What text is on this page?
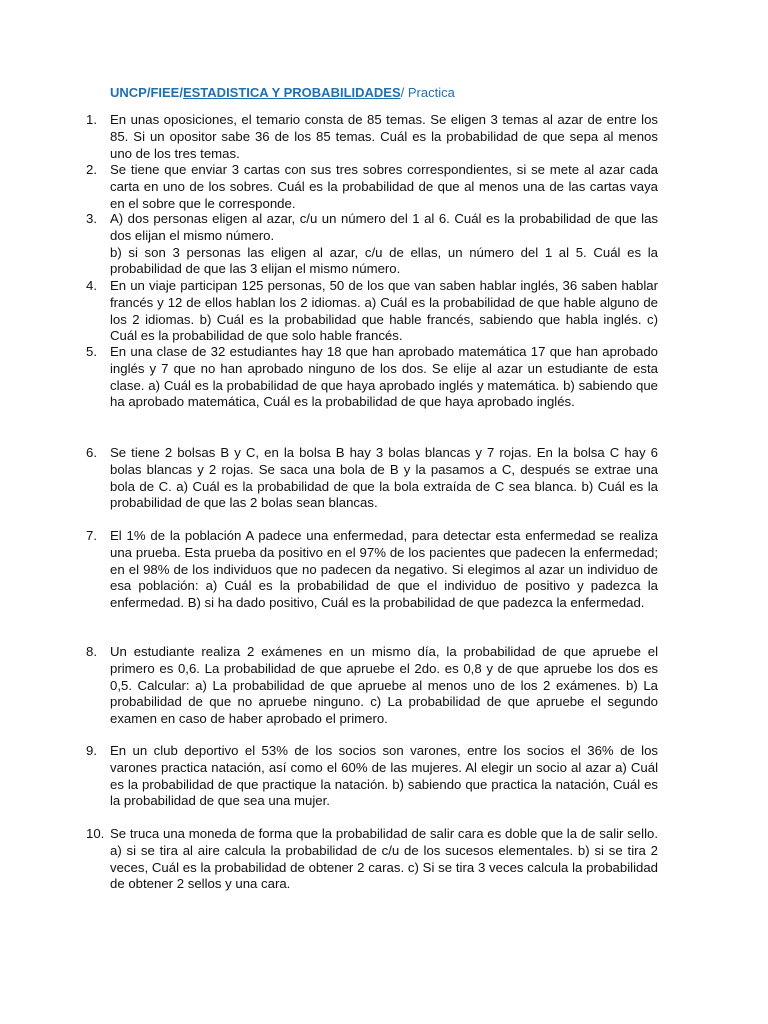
UNCP/FIEE/ESTADISTICA Y PROBABILIDADES/ Practica
1. En unas oposiciones, el temario consta de 85 temas. Se eligen 3 temas al azar de entre los 85. Si un opositor sabe 36 de los 85 temas. Cuál es la probabilidad de que sepa al menos uno de los tres temas.
2. Se tiene que enviar 3 cartas con sus tres sobres correspondientes, si se mete al azar cada carta en uno de los sobres. Cuál es la probabilidad de que al menos una de las cartas vaya en el sobre que le corresponde.
3. A) dos personas eligen al azar, c/u un número del 1 al 6. Cuál es la probabilidad de que las dos elijan el mismo número.
b) si son 3 personas las eligen al azar, c/u de ellas, un número del 1 al 5. Cuál es la probabilidad de que las 3 elijan el mismo número.
4. En un viaje participan 125 personas, 50 de los que van saben hablar inglés, 36 saben hablar francés y 12 de ellos hablan los 2 idiomas. a) Cuál es la probabilidad de que hable alguno de los 2 idiomas. b) Cuál es la probabilidad que hable francés, sabiendo que habla inglés. c) Cuál es la probabilidad de que solo hable francés.
5. En una clase de 32 estudiantes hay 18 que han aprobado matemática 17 que han aprobado inglés y 7 que no han aprobado ninguno de los dos. Se elije al azar un estudiante de esta clase. a) Cuál es la probabilidad de que haya aprobado inglés y matemática. b) sabiendo que ha aprobado matemática, Cuál es la probabilidad de que haya aprobado inglés.
6. Se tiene 2 bolsas B y C, en la bolsa B hay 3 bolas blancas y 7 rojas. En la bolsa C hay 6 bolas blancas y 2 rojas. Se saca una bola de B y la pasamos a C, después se extrae una bola de C. a) Cuál es la probabilidad de que la bola extraída de C sea blanca. b) Cuál es la probabilidad de que las 2 bolas sean blancas.
7. El 1% de la población A padece una enfermedad, para detectar esta enfermedad se realiza una prueba. Esta prueba da positivo en el 97% de los pacientes que padecen la enfermedad; en el 98% de los individuos que no padecen da negativo. Si elegimos al azar un individuo de esa población: a) Cuál es la probabilidad de que el individuo de positivo y padezca la enfermedad. B) si ha dado positivo, Cuál es la probabilidad de que padezca la enfermedad.
8. Un estudiante realiza 2 exámenes en un mismo día, la probabilidad de que apruebe el primero es 0,6. La probabilidad de que apruebe el 2do. es 0,8 y de que apruebe los dos es 0,5. Calcular: a) La probabilidad de que apruebe al menos uno de los 2 exámenes. b) La probabilidad de que no apruebe ninguno. c) La probabilidad de que apruebe el segundo examen en caso de haber aprobado el primero.
9. En un club deportivo el 53% de los socios son varones, entre los socios el 36% de los varones practica natación, así como el 60% de las mujeres. Al elegir un socio al azar a) Cuál es la probabilidad de que practique la natación. b) sabiendo que practica la natación, Cuál es la probabilidad de que sea una mujer.
10. Se truca una moneda de forma que la probabilidad de salir cara es doble que la de salir sello. a) si se tira al aire calcula la probabilidad de c/u de los sucesos elementales. b) si se tira 2 veces, Cuál es la probabilidad de obtener 2 caras. c) Si se tira 3 veces calcula la probabilidad de obtener 2 sellos y una cara.
